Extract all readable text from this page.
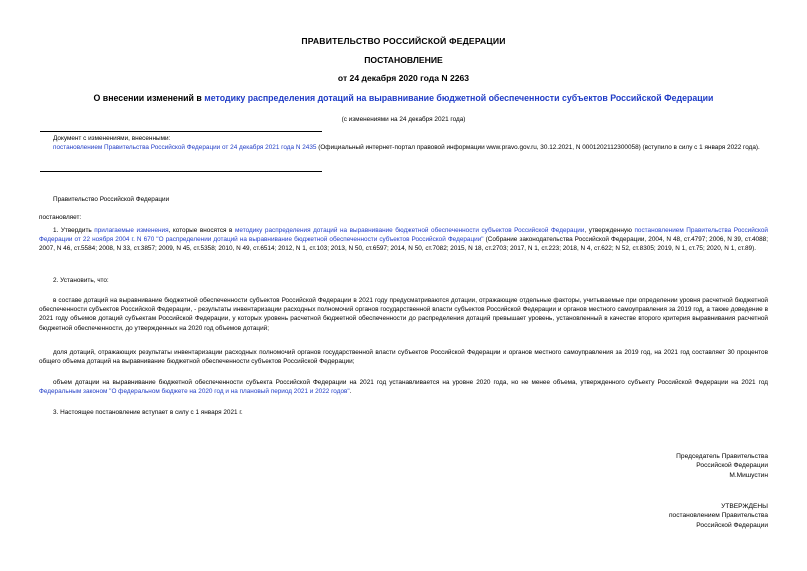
ПРАВИТЕЛЬСТВО РОССИЙСКОЙ ФЕДЕРАЦИИ
ПОСТАНОВЛЕНИЕ
от 24 декабря 2020 года N 2263
О внесении изменений в методику распределения дотаций на выравнивание бюджетной обеспеченности субъектов Российской Федерации
(с изменениями на 24 декабря 2021 года)
Документ с изменениями, внесенными:
постановлением Правительства Российской Федерации от 24 декабря 2021 года N 2435 (Официальный интернет-портал правовой информации www.pravo.gov.ru, 30.12.2021, N 0001202112300058) (вступило в силу с 1 января 2022 года).
Правительство Российской Федерации
постановляет:
1. Утвердить прилагаемые изменения, которые вносятся в методику распределения дотаций на выравнивание бюджетной обеспеченности субъектов Российской Федерации, утвержденную постановлением Правительства Российской Федерации от 22 ноября 2004 г. N 670 "О распределении дотаций на выравнивание бюджетной обеспеченности субъектов Российской Федерации" (Собрание законодательства Российской Федерации, 2004, N 48, ст.4797; 2006, N 39, ст.4088; 2007, N 46, ст.5584; 2008, N 33, ст.3857; 2009, N 45, ст.5358; 2010, N 49, ст.6514; 2012, N 1, ст.103; 2013, N 50, ст.6597; 2014, N 50, ст.7082; 2015, N 18, ст.2703; 2017, N 1, ст.223; 2018, N 4, ст.622; N 52, ст.8305; 2019, N 1, ст.75; 2020, N 1, ст.89).
2. Установить, что:
в составе дотаций на выравнивание бюджетной обеспеченности субъектов Российской Федерации в 2021 году предусматриваются дотации, отражающие отдельные факторы, учитываемые при определении уровня расчетной бюджетной обеспеченности субъектов Российской Федерации, - результаты инвентаризации расходных полномочий органов государственной власти субъектов Российской Федерации и органов местного самоуправления за 2019 год, а также доведение в 2021 году объемов дотаций субъектам Российской Федерации, у которых уровень расчетной бюджетной обеспеченности до распределения дотаций превышает уровень, установленный в качестве второго критерия выравнивания расчетной бюджетной обеспеченности, до утвержденных на 2020 год объемов дотаций;
доля дотаций, отражающих результаты инвентаризации расходных полномочий органов государственной власти субъектов Российской Федерации и органов местного самоуправления за 2019 год, на 2021 год составляет 30 процентов общего объема дотаций на выравнивание бюджетной обеспеченности субъектов Российской Федерации;
объем дотации на выравнивание бюджетной обеспеченности субъекта Российской Федерации на 2021 год устанавливается на уровне 2020 года, но не менее объема, утвержденного субъекту Российской Федерации на 2021 год Федеральным законом "О федеральном бюджете на 2020 год и на плановый период 2021 и 2022 годов".
3. Настоящее постановление вступает в силу с 1 января 2021 г.
Председатель Правительства
Российской Федерации
М.Мишустин
УТВЕРЖДЕНЫ
постановлением Правительства
Российской Федерации
